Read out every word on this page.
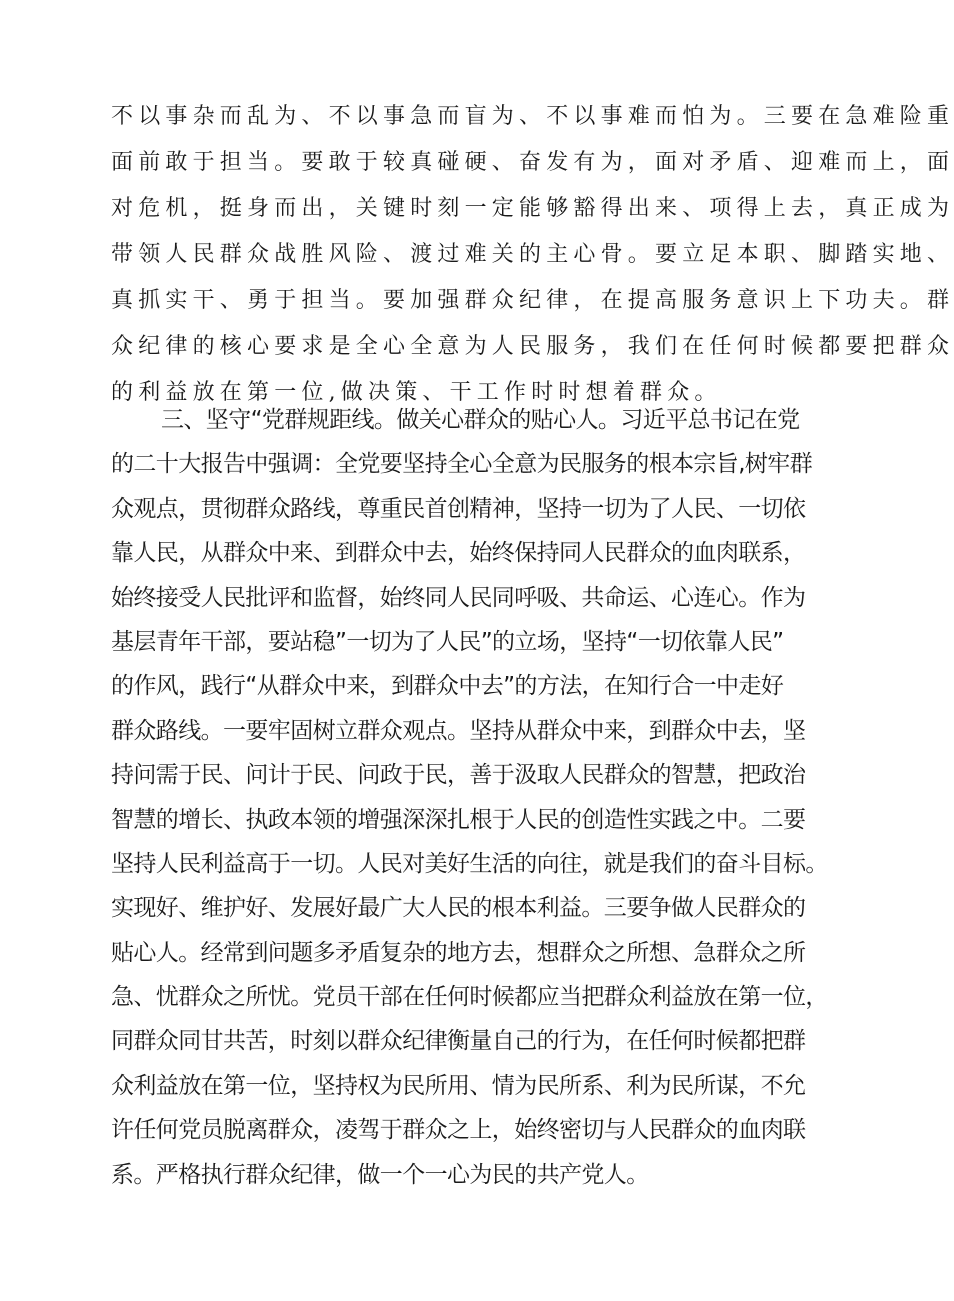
不以事杂而乱为、不以事急而盲为、不以事难而怕为。三要在急难险重
面前敢于担当。要敢于较真碰硬、奋发有为，面对矛盾、迎难而上，面
对危机，挺身而出，关键时刻一定能够豁得出来、项得上去，真正成为
带领人民群众战胜风险、渡过难关的主心骨。要立足本职、脚踏实地、
真抓实干、勇于担当。要加强群众纪律，在提高服务意识上下功夫。群
众纪律的核心要求是全心全意为人民服务，我们在任何时候都要把群众
的利益放在第一位,做决策、干工作时时想着群众。
三、坚守“党群规距线。做关心群众的贴心人。习近平总书记在党
的二十大报告中强调：全党要坚持全心全意为民服务的根本宗旨,树牢群
众观点，贯彻群众路线，尊重民首创精神，坚持一切为了人民、一切依
靠人民，从群众中来、到群众中去，始终保持同人民群众的血肉联系，
始终接受人民批评和监督，始终同人民同呼吸、共命运、心连心。作为
基层青年干部，要站稳”一切为了人民”的立场，坚持“一切依靠人民”
的作风，践行“从群众中来，到群众中去”的方法，在知行合一中走好
群众路线。一要牢固树立群众观点。坚持从群众中来，到群众中去，坚
持问需于民、问计于民、问政于民，善于汲取人民群众的智慧，把政治
智慧的增长、执政本领的增强深深扎根于人民的创造性实践之中。二要
坚持人民利益高于一切。人民对美好生活的向往，就是我们的奋斗目标。
实现好、维护好、发展好最广大人民的根本利益。三要争做人民群众的
贴心人。经常到问题多矛盾复杂的地方去，想群众之所想、急群众之所
急、忧群众之所忧。党员干部在任何时候都应当把群众利益放在第一位，
同群众同甘共苦，时刻以群众纪律衡量自己的行为，在任何时候都把群
众利益放在第一位，坚持权为民所用、情为民所系、利为民所谋，不允
许任何党员脱离群众，凌驾于群众之上，始终密切与人民群众的血肉联
系。严格执行群众纪律，做一个一心为民的共产党人。
